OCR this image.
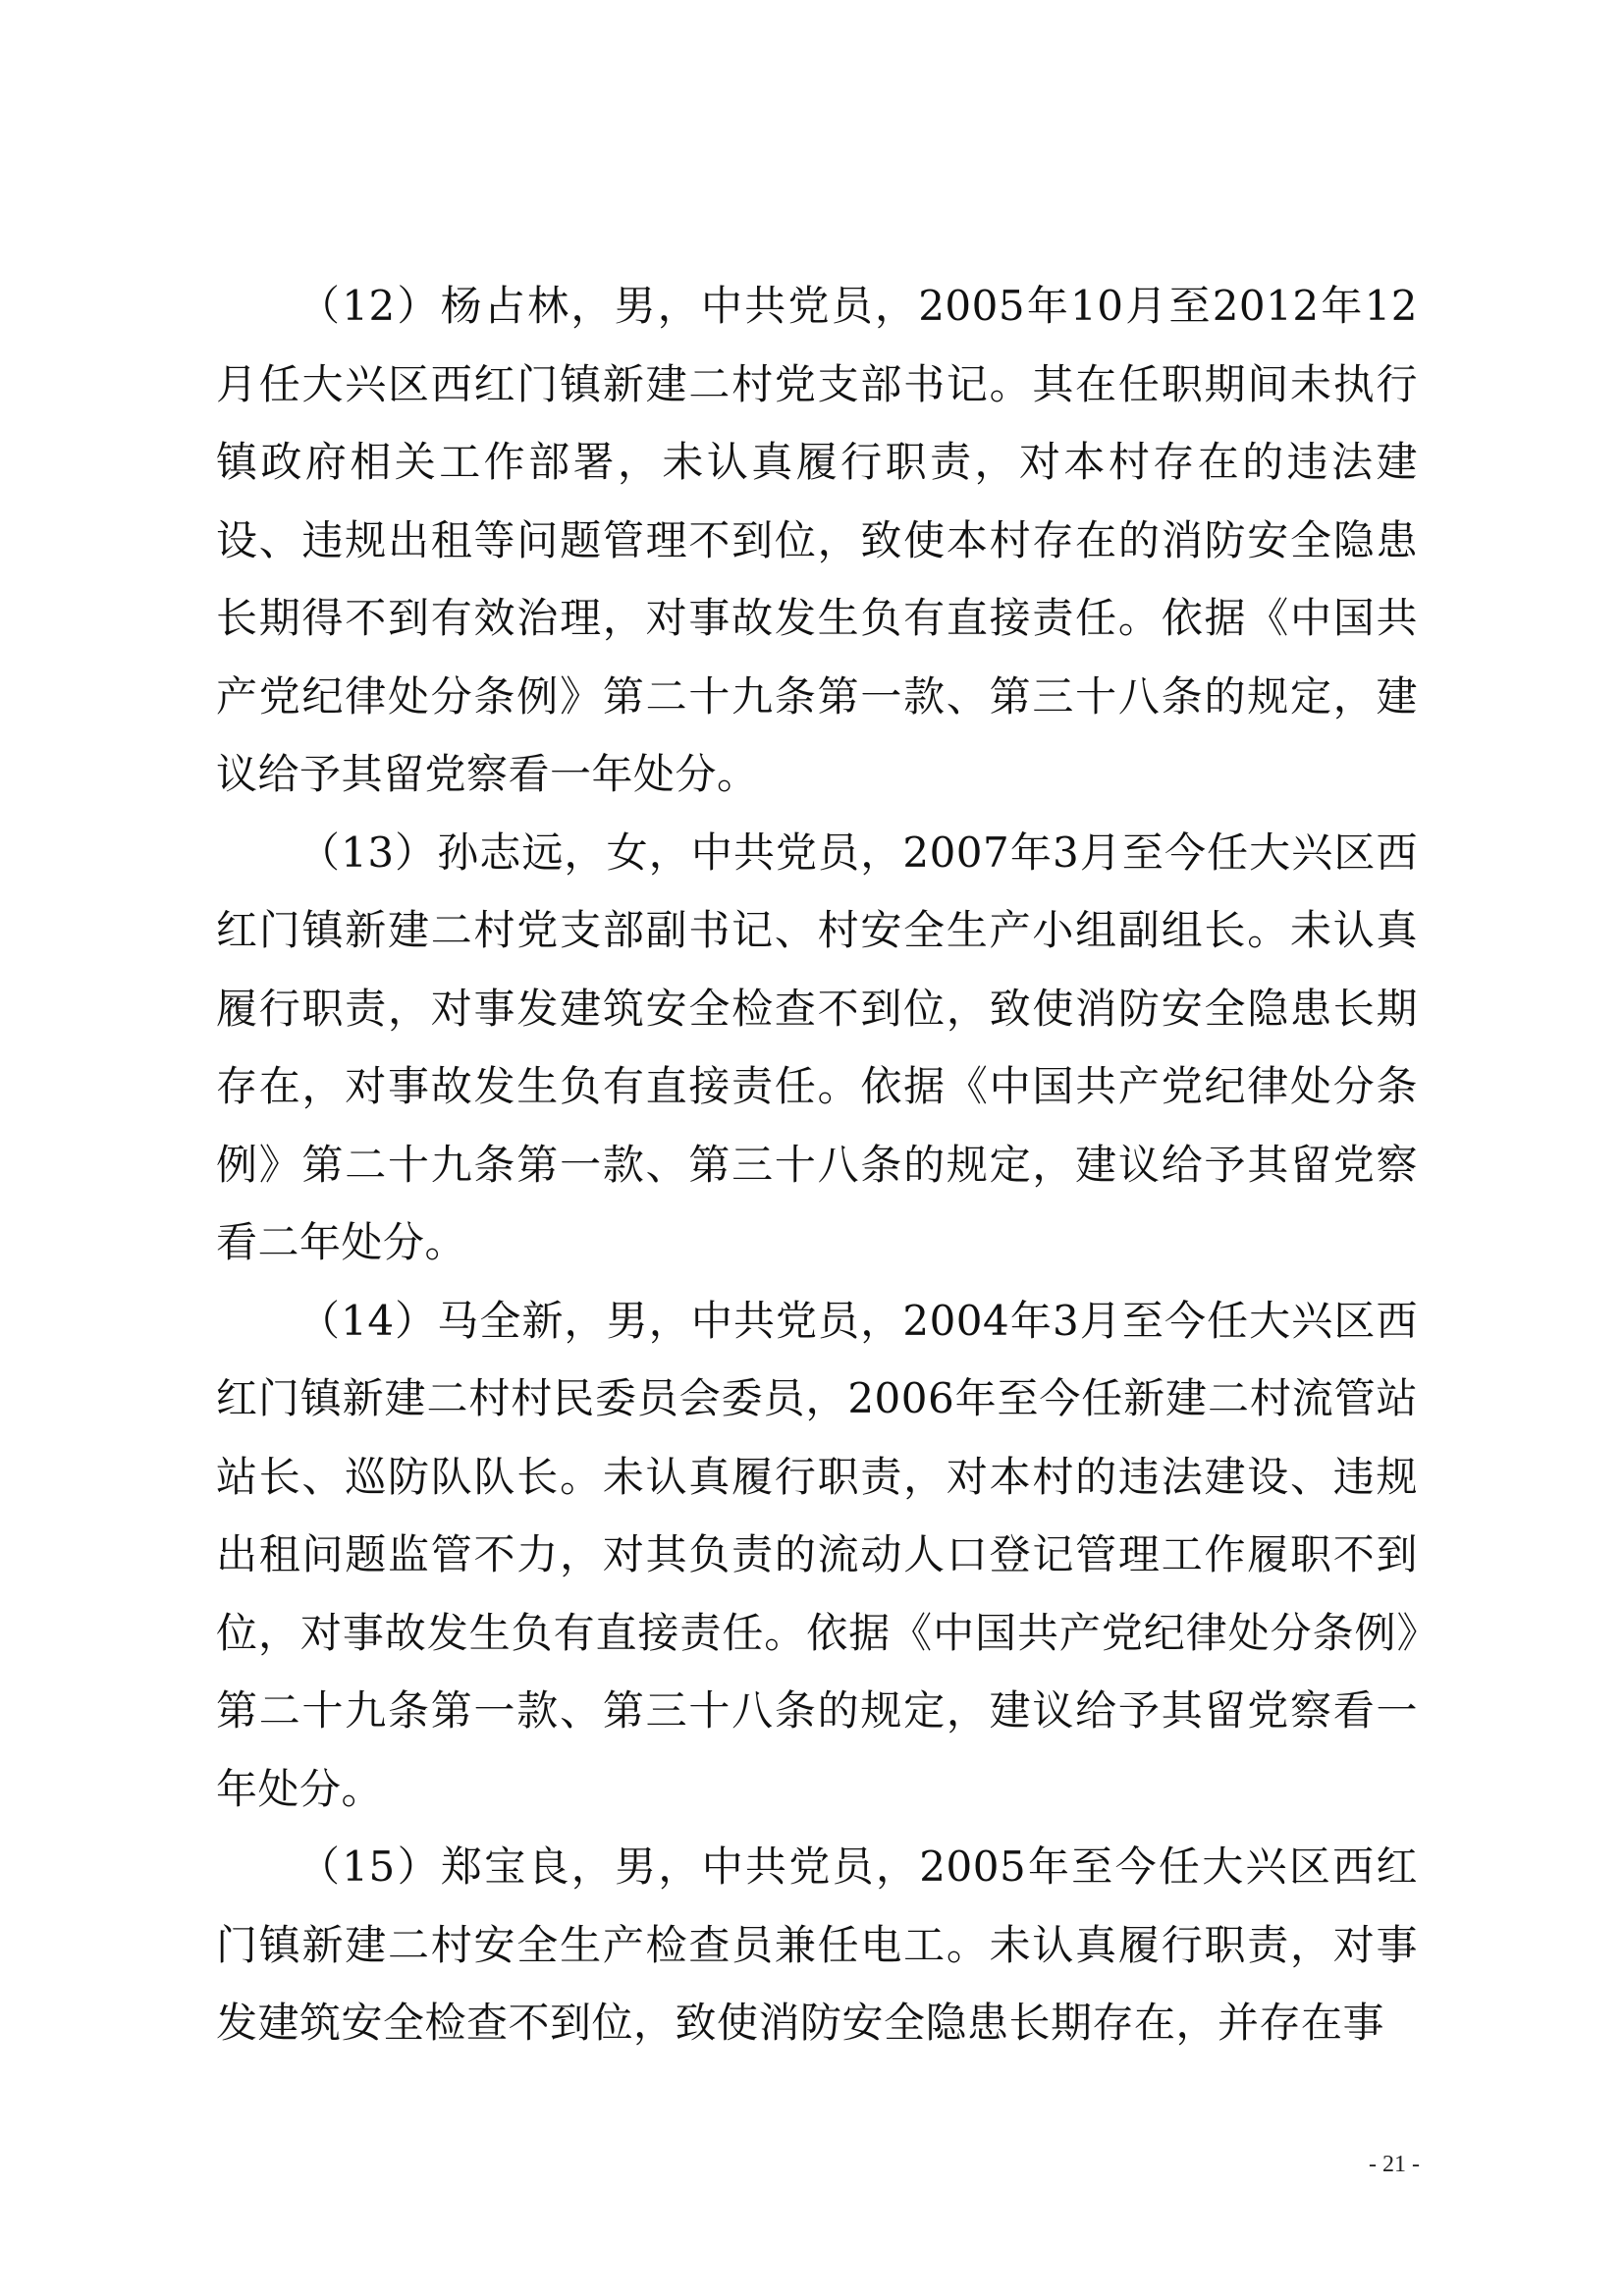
（12）杨占林，男，中共党员，2005年10月至2012年12月任大兴区西红门镇新建二村党支部书记。其在任职期间未执行镇政府相关工作部署，未认真履行职责，对本村存在的违法建设、违规出租等问题管理不到位，致使本村存在的消防安全隐患长期得不到有效治理，对事故发生负有直接责任。依据《中国共产党纪律处分条例》第二十九条第一款、第三十八条的规定，建议给予其留党察看一年处分。

（13）孙志远，女，中共党员，2007年3月至今任大兴区西红门镇新建二村党支部副书记、村安全生产小组副组长。未认真履行职责，对事发建筑安全检查不到位，致使消防安全隐患长期存在，对事故发生负有直接责任。依据《中国共产党纪律处分条例》第二十九条第一款、第三十八条的规定，建议给予其留党察看二年处分。

（14）马全新，男，中共党员，2004年3月至今任大兴区西红门镇新建二村村民委员会委员，2006年至今任新建二村流管站站长、巡防队队长。未认真履行职责，对本村的违法建设、违规出租问题监管不力，对其负责的流动人口登记管理工作履职不到位，对事故发生负有直接责任。依据《中国共产党纪律处分条例》第二十九条第一款、第三十八条的规定，建议给予其留党察看一年处分。

（15）郑宝良，男，中共党员，2005年至今任大兴区西红门镇新建二村安全生产检查员兼任电工。未认真履行职责，对事发建筑安全检查不到位，致使消防安全隐患长期存在，并存在事

- 21 -
